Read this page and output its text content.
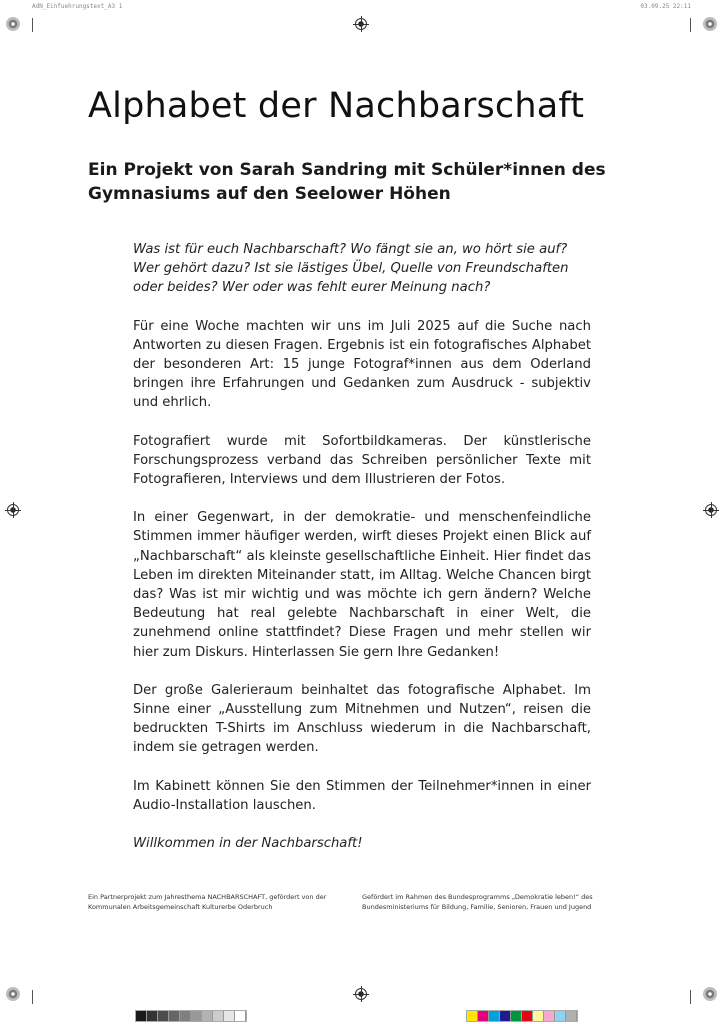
AdN_Einfuehrungstext_A3 1	03.09.25 22:11
Alphabet der Nachbarschaft
Ein Projekt von Sarah Sandring mit Schüler*innen des Gymnasiums auf den Seelower Höhen

Was ist für euch Nachbarschaft? Wo fängt sie an, wo hört sie auf? Wer gehört dazu? Ist sie lästiges Übel, Quelle von Freundschaften oder beides? Wer oder was fehlt eurer Meinung nach?

Für eine Woche machten wir uns im Juli 2025 auf die Suche nach Antworten zu diesen Fragen. Ergebnis ist ein fotografisches Alphabet der besonderen Art: 15 junge Fotograf*innen aus dem Oderland bringen ihre Erfahrungen und Gedanken zum Ausdruck - subjektiv und ehrlich.

Fotografiert wurde mit Sofortbildkameras. Der künstlerische Forschungsprozess verband das Schreiben persönlicher Texte mit Fotografieren, Interviews und dem Illustrieren der Fotos.

In einer Gegenwart, in der demokratie- und menschenfeindliche Stimmen immer häufiger werden, wirft dieses Projekt einen Blick auf „Nachbarschaft“ als kleinste gesellschaftliche Einheit. Hier findet das Leben im direkten Miteinander statt, im Alltag. Welche Chancen birgt das? Was ist mir wichtig und was möchte ich gern ändern? Welche Bedeutung hat real gelebte Nachbarschaft in einer Welt, die zunehmend online stattfindet? Diese Fragen und mehr stellen wir hier zum Diskurs. Hinterlassen Sie gern Ihre Gedanken!

Der große Galerieraum beinhaltet das fotografische Alphabet. Im Sinne einer „Ausstellung zum Mitnehmen und Nutzen“, reisen die bedruckten T-Shirts im Anschluss wiederum in die Nachbarschaft, indem sie getragen werden.

Im Kabinett können Sie den Stimmen der Teilnehmer*innen in einer Audio-Installation lauschen.

Willkommen in der Nachbarschaft!

Ein Partnerprojekt zum Jahresthema NACHBARSCHAFT, gefördert von der Kommunalen Arbeitsgemeinschaft Kulturerbe Oderbruch
Gefördert im Rahmen des Bundesprogramms „Demokratie leben!“ des Bundesministeriums für Bildung, Familie, Senioren, Frauen und Jugend
